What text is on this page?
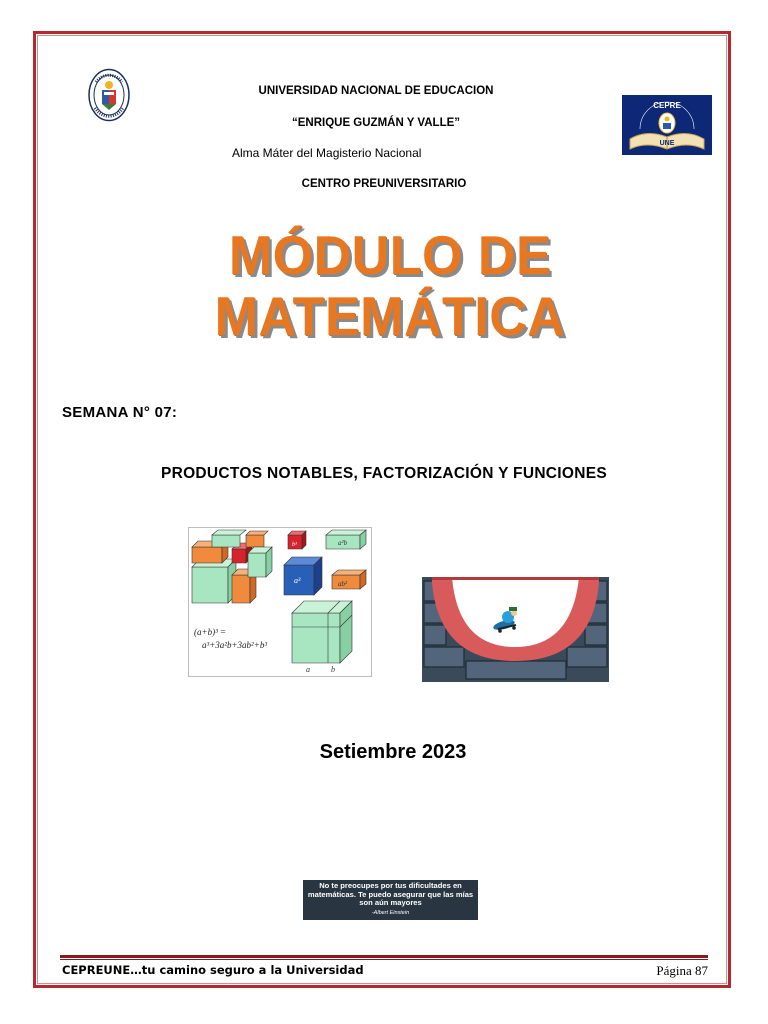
CEPRE
UNE
UNIVERSIDAD NACIONAL DE EDUCACION
“ENRIQUE GUZMÁN Y VALLE”
Alma Máter del Magisterio Nacional
CENTRO PREUNIVERSITARIO
MÓDULO DE
MATEMÁTICA
SEMANA N° 07:
PRODUCTOS NOTABLES, FACTORIZACIÓN Y FUNCIONES
b³	a²b
a³	ab²
a	b
(a+b)³ =
a³+3a²b+3ab²+b³
Setiembre 2023
No te preocupes por tus dificultades en matemáticas. Te puedo asegurar que las mías son aún mayores
-Albert Einstein
CEPREUNE…tu camino seguro a la Universidad	Página 87
